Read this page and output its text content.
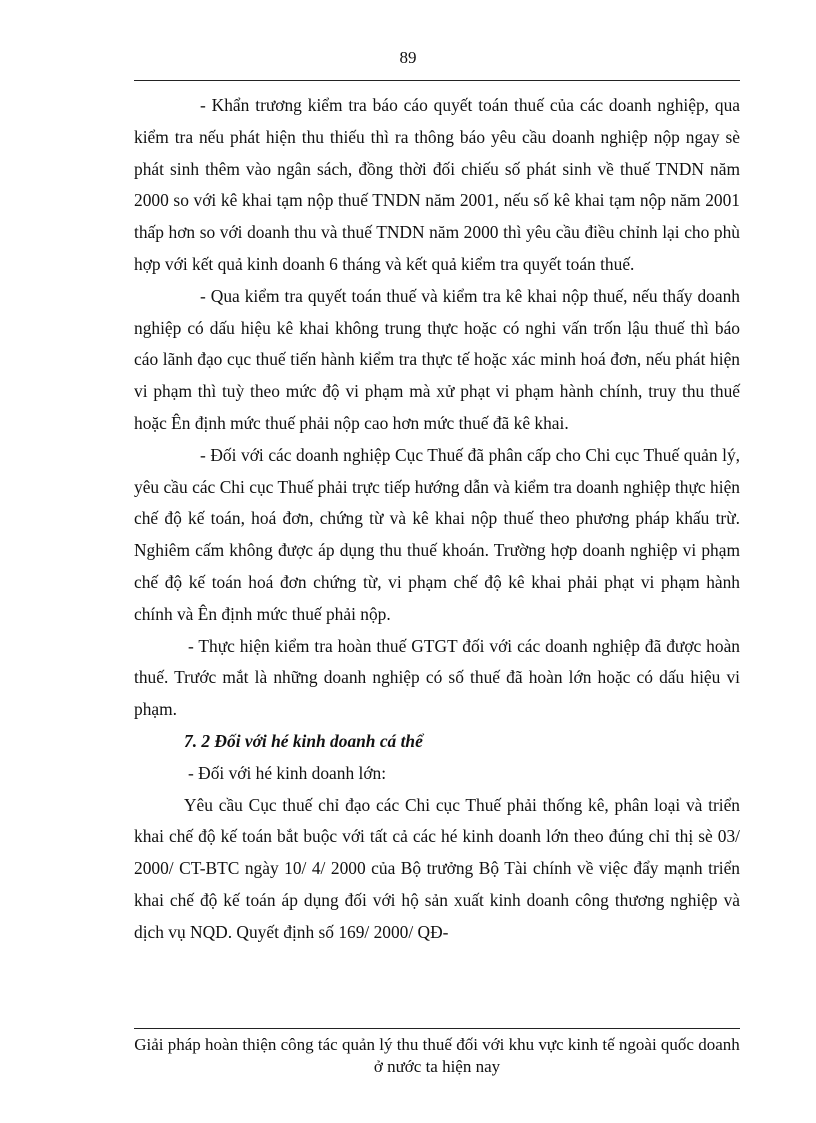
89

- Khẩn trương kiểm tra báo cáo quyết toán thuế của các doanh nghiệp, qua kiểm tra nếu phát hiện thu thiếu thì ra thông báo yêu cầu doanh nghiệp nộp ngay sè phát sinh thêm vào ngân sách, đồng thời đối chiếu số phát sinh về thuế TNDN năm 2000 so với kê khai tạm nộp thuế TNDN năm 2001, nếu số kê khai tạm nộp năm 2001 thấp hơn so với doanh thu và thuế TNDN năm 2000 thì yêu cầu điều chỉnh lại cho phù hợp với kết quả kinh doanh 6 tháng và kết quả kiểm tra quyết toán thuế.

- Qua kiểm tra quyết toán thuế và kiểm tra kê khai nộp thuế, nếu thấy doanh nghiệp có dấu hiệu kê khai không trung thực hoặc có nghi vấn trốn lậu thuế thì báo cáo lãnh đạo cục thuế tiến hành kiểm tra thực tế hoặc xác minh hoá đơn, nếu phát hiện vi phạm thì tuỳ theo mức độ vi phạm mà xử phạt vi phạm hành chính, truy thu thuế hoặc Ên định mức thuế phải nộp cao hơn mức thuế đã kê khai.

- Đối với các doanh nghiệp Cục Thuế đã phân cấp cho Chi cục Thuế quản lý, yêu cầu các Chi cục Thuế phải trực tiếp hướng dẫn và kiểm tra doanh nghiệp thực hiện chế độ kế toán, hoá đơn, chứng từ và kê khai nộp thuế theo phương pháp khấu trừ. Nghiêm cấm không được áp dụng thu thuế khoán. Trường hợp doanh nghiệp vi phạm chế độ kế toán hoá đơn chứng từ, vi phạm chế độ kê khai phải phạt vi phạm hành chính và Ên định mức thuế phải nộp.

- Thực hiện kiểm tra hoàn thuế GTGT đối với các doanh nghiệp đã được hoàn thuế. Trước mắt là những doanh nghiệp có số thuế đã hoàn lớn hoặc có dấu hiệu vi phạm.

7. 2 Đối với hé kinh doanh cá thể

- Đối với hé kinh doanh lớn:

Yêu cầu Cục thuế chỉ đạo các Chi cục Thuế phải thống kê, phân loại và triển khai chế độ kế toán bắt buộc với tất cả các hé kinh doanh lớn theo đúng chỉ thị sè 03/ 2000/ CT-BTC ngày 10/ 4/ 2000 của Bộ trưởng Bộ Tài chính về việc đẩy mạnh triển khai chế độ kế toán áp dụng đối với hộ sản xuất kinh doanh công thương nghiệp và dịch vụ NQD. Quyết định số 169/ 2000/ QĐ-

Giải pháp hoàn thiện công tác quản lý thu thuế đối với khu vực kinh tế ngoài quốc doanh ở nước ta hiện nay
